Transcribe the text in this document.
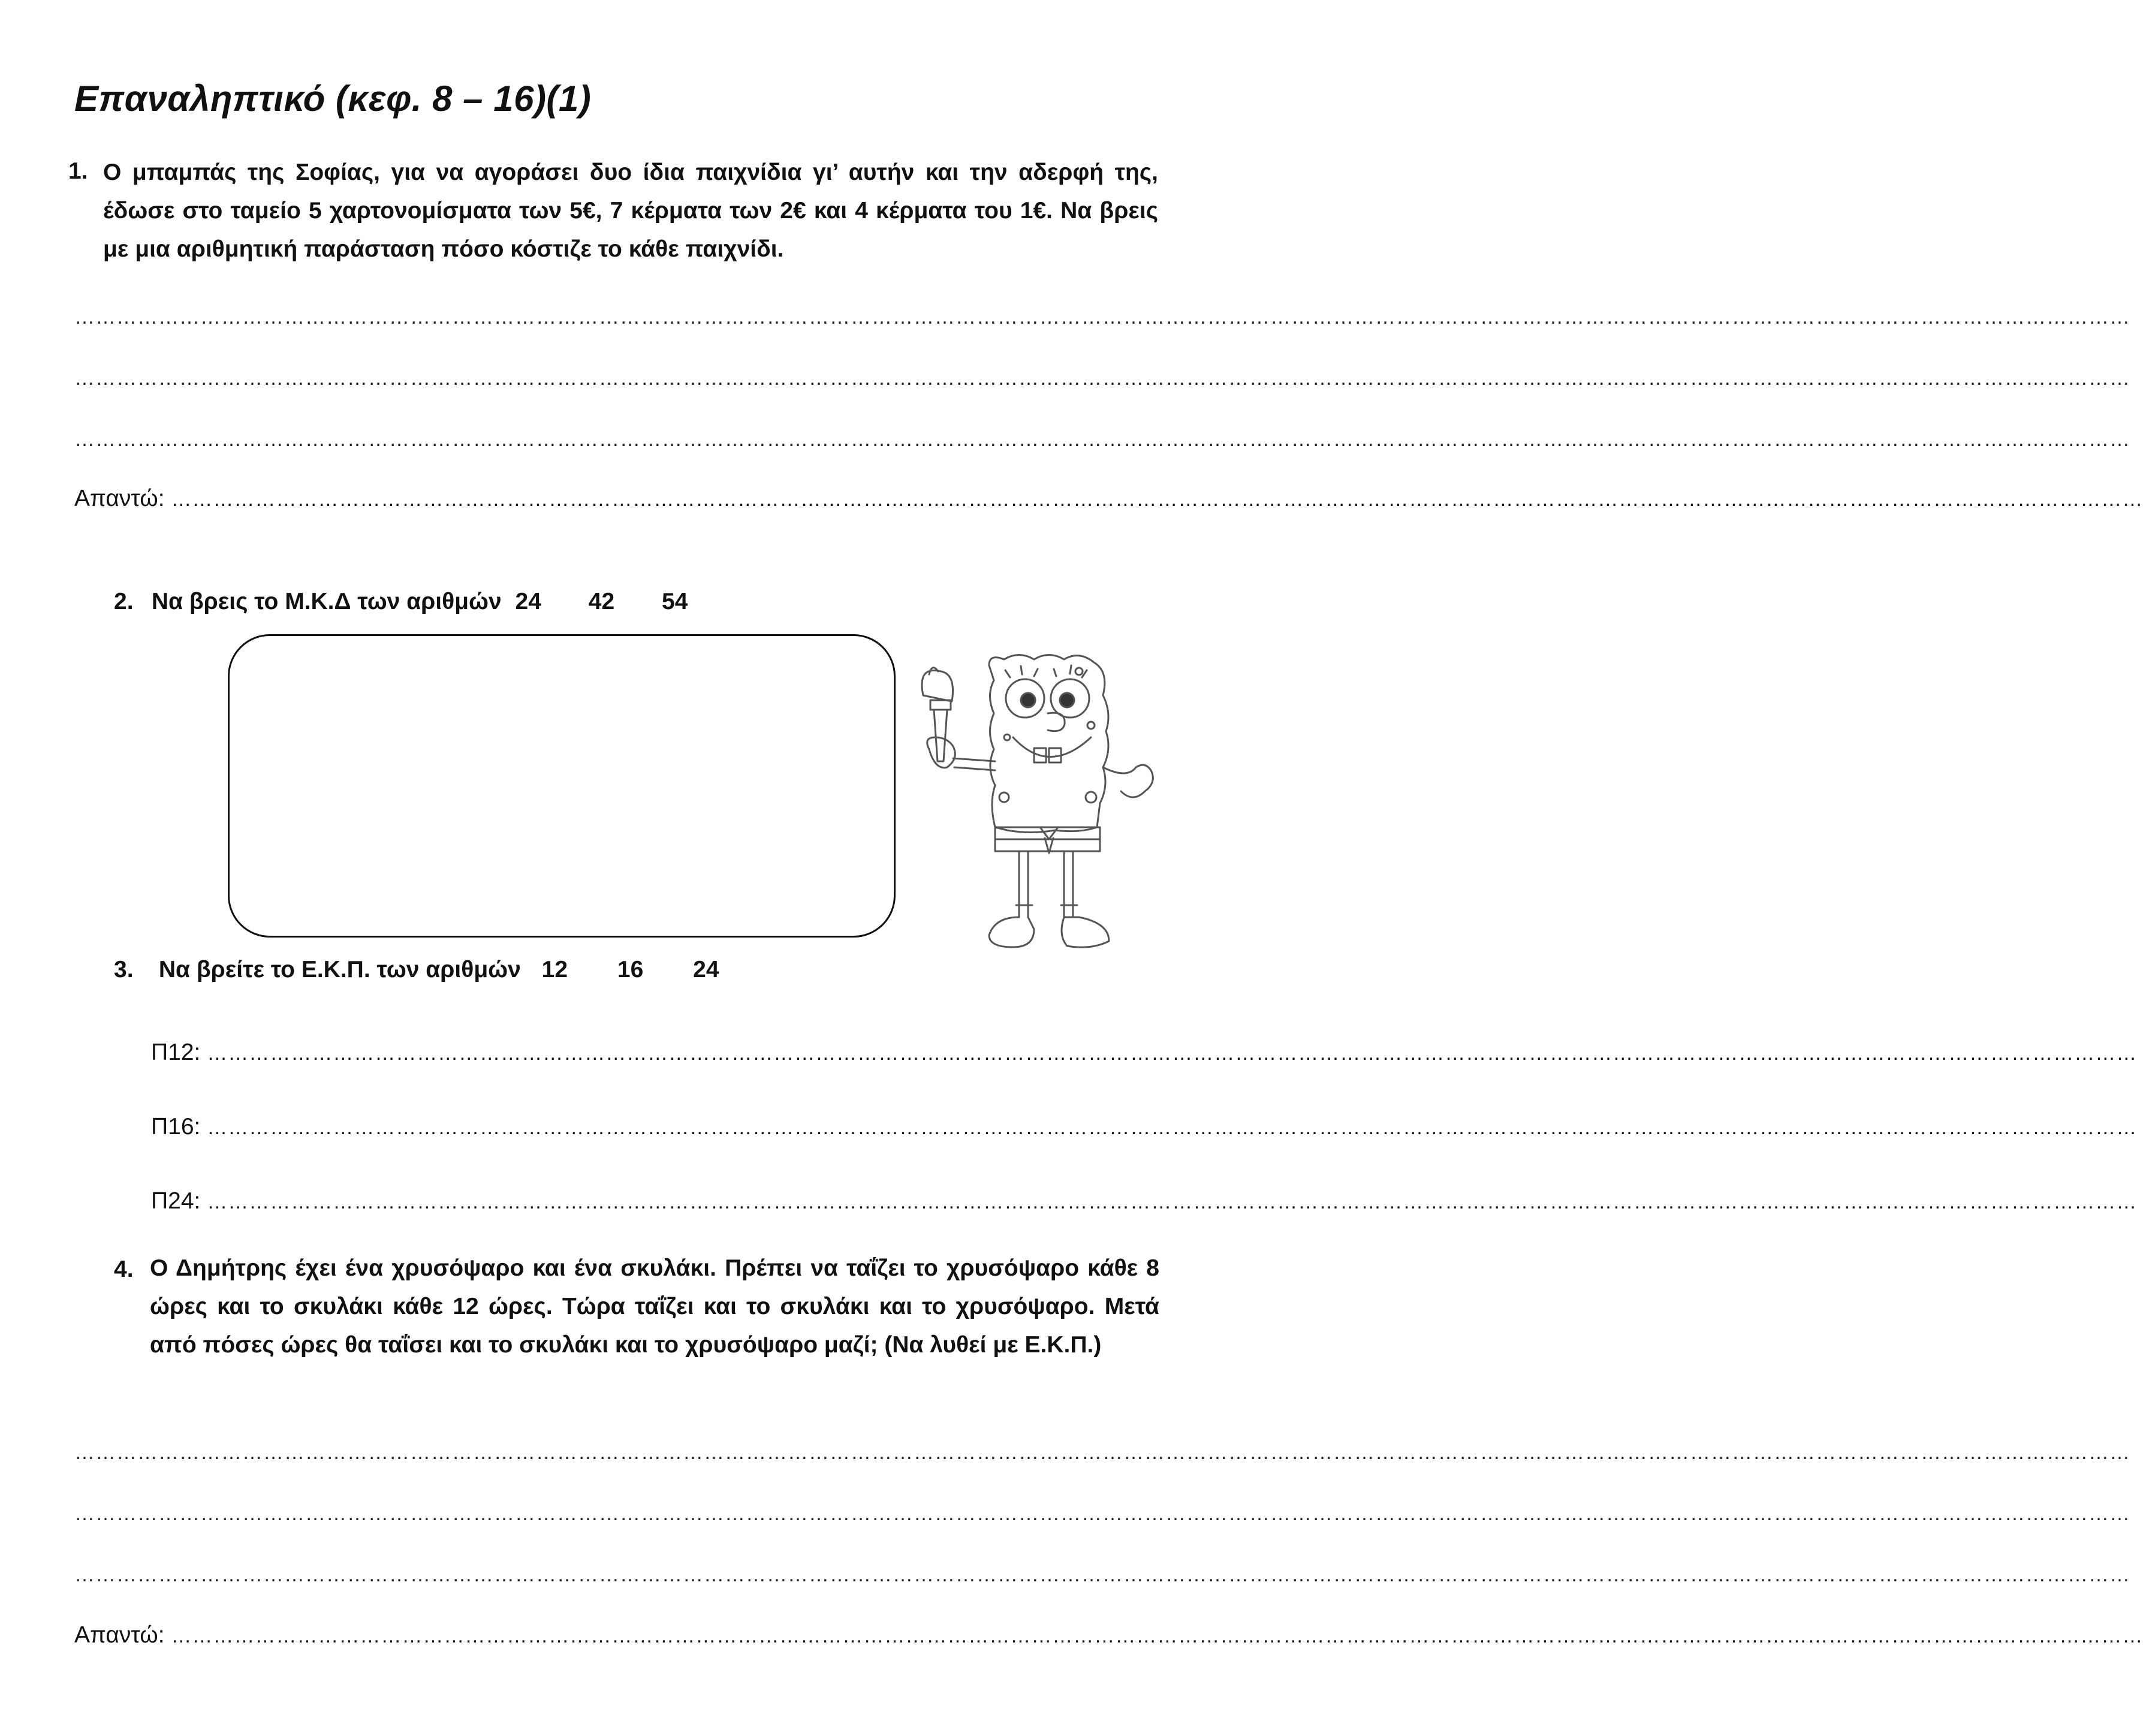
Επαναληπτικό (κεφ. 8 – 16)(1)
1. Ο μπαμπάς της Σοφίας, για να αγοράσει δυο ίδια παιχνίδια γι’ αυτήν και την αδερφή της, έδωσε στο ταμείο 5 χαρτονομίσματα των 5€, 7 κέρματα των 2€ και 4 κέρματα του 1€. Να βρεις με μια αριθμητική παράσταση πόσο κόστιζε το κάθε παιχνίδι.
……………………………………………………………………………………………………………………………………………………………………………………………………………………………………………………………………
……………………………………………………………………………………………………………………………………………………………………………………………………………………………………………………………………
……………………………………………………………………………………………………………………………………………………………………………………………………………………………………………………………………
Απαντώ: …………………………………………………………………………………………………………………………………………………………………………………………………………………………………………………………
2. Να βρεις το Μ.Κ.Δ των αριθμών 24 42 54
3. Να βρείτε το Ε.Κ.Π. των αριθμών 12 16 24
Π12: ……………………………………………………………………………………………………………………………………………………………………………………………………………………………………………………
Π16: ……………………………………………………………………………………………………………………………………………………………………………………………………………………………………………………
Π24: ……………………………………………………………………………………………………………………………………………………………………………………………………………………………………………………
4. Ο Δημήτρης έχει ένα χρυσόψαρο και ένα σκυλάκι. Πρέπει να ταΐζει το χρυσόψαρο κάθε 8 ώρες και το σκυλάκι κάθε 12 ώρες. Τώρα ταΐζει και το σκυλάκι και το χρυσόψαρο. Μετά από πόσες ώρες θα ταΐσει και το σκυλάκι και το χρυσόψαρο μαζί; (Να λυθεί με Ε.Κ.Π.)
……………………………………………………………………………………………………………………………………………………………………………………………………………………………………………………………………
……………………………………………………………………………………………………………………………………………………………………………………………………………………………………………………………………
……………………………………………………………………………………………………………………………………………………………………………………………………………………………………………………………………
Απαντώ: …………………………………………………………………………………………………………………………………………………………………………………………………………………………………………………………
